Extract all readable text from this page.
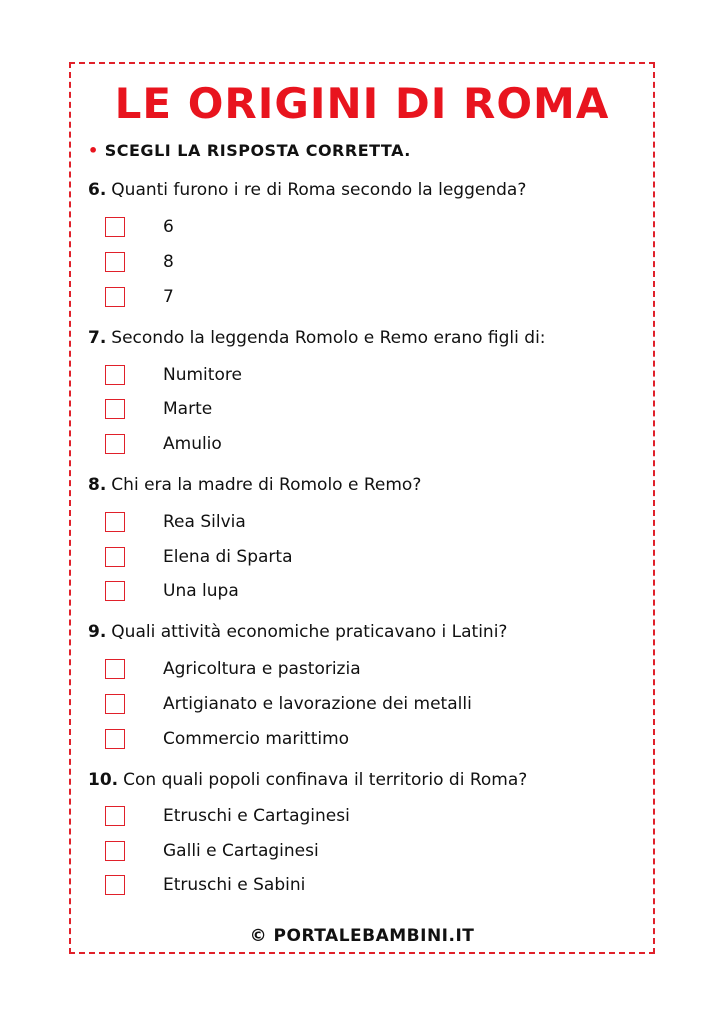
LE ORIGINI DI ROMA
• SCEGLI LA RISPOSTA CORRETTA.
6. Quanti furono i re di Roma secondo la leggenda?
6
8
7
7. Secondo la leggenda Romolo e Remo erano figli di:
Numitore
Marte
Amulio
8. Chi era la madre di Romolo e Remo?
Rea Silvia
Elena di Sparta
Una lupa
9. Quali attività economiche praticavano i Latini?
Agricoltura e pastorizia
Artigianato e lavorazione dei metalli
Commercio marittimo
10. Con quali popoli confinava il territorio di Roma?
Etruschi e Cartaginesi
Galli e Cartaginesi
Etruschi e Sabini
© PORTALEBAMBINI.IT
